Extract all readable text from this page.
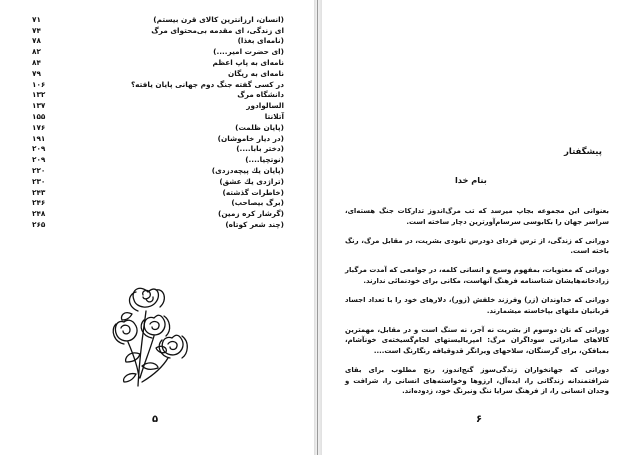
۷۱	(انسان، ارزانترین کالای قرن بیستم)
۷۴	ای زندگی، ای مقدمه بی‌محتوای مرگ
۷۸	(نامه‌ای بغذا)
۸۲	(ای حضرت امیر....)
۸۴	نامه‌ای به پاپ اعظم
۷۹	نامه‌ای به ریگان
۱۰۶	در کسی گفته جنگ دوم جهانی پایان یافته؟
۱۳۲	دانشگاه مرگ
۱۳۷	السالوادور
۱۵۵	آتلانتا
۱۷۶	(پایان ظلمت)
۱۹۱	(در دیار خاموشان)
۲۰۹	(دختر بابا....)
۲۰۹	(نوتچیا....)
۲۲۰	(پایان یك پیچه‌دزدی)
۲۳۰	(تراژدی یك عشق)
۲۴۳	(خاطرات گذشته)
۲۴۶	(برگ بیصاحب)
۲۴۸	(گرشار کره زمین)
۲۶۵	(چند شعر کوتاه)
۵
پیشگفتار
بنام خدا

بعنوانی این مجموعه بجاپ میرسد که تب مرگ‌اندوز تدارکات جنگ هسته‌ای، سراسر جهان را بکابوسی سرسام‌آورترین دچار ساخته است.

دورانی که زندگی، از ترس فردای ذودرس نابودی بشریت، در مقابل مرگ، رنگ باخته است.

دورانی که معنویات، بمفهوم وسیع و انسانی کلمه، در جوامعی که آمدت مرگبار زرادخانه‌هایشان شناسنامه فرهنگ آنهاست، مکانی برای خودنمائی ندارند.

دورانی که خداوندان (زر) وفرزند خلفش (زور)، دلارهای خود را با تعداد اجساد قربانیان ملتهای بپاخاسته میشمارند.

دورانی که نان دوسوم از بشریت نه آجر، نه سنگ است و در مقابل، مهمترین کالاهای صادراتی سوداگران مرگ: امپریالیستهای لجام‌گسیخته‌ی خونآشام، بمبافکن، برای گرسنگان، سلاحهای ویرانگر قدوقیافه رنگارنگ است....

دورانی که جهانخواران زندگی‌سوز گنج‌اندوز، رنج مطلوب برای بقای شرافتمندانه زندگانی را، ایده‌آل، ارزوها وخواسته‌های انسانی را، شرافت و وجدان انسانی را، از فرهنگ سرایا ننگ ونیرنگ خود، زدوده‌اند.

۶
